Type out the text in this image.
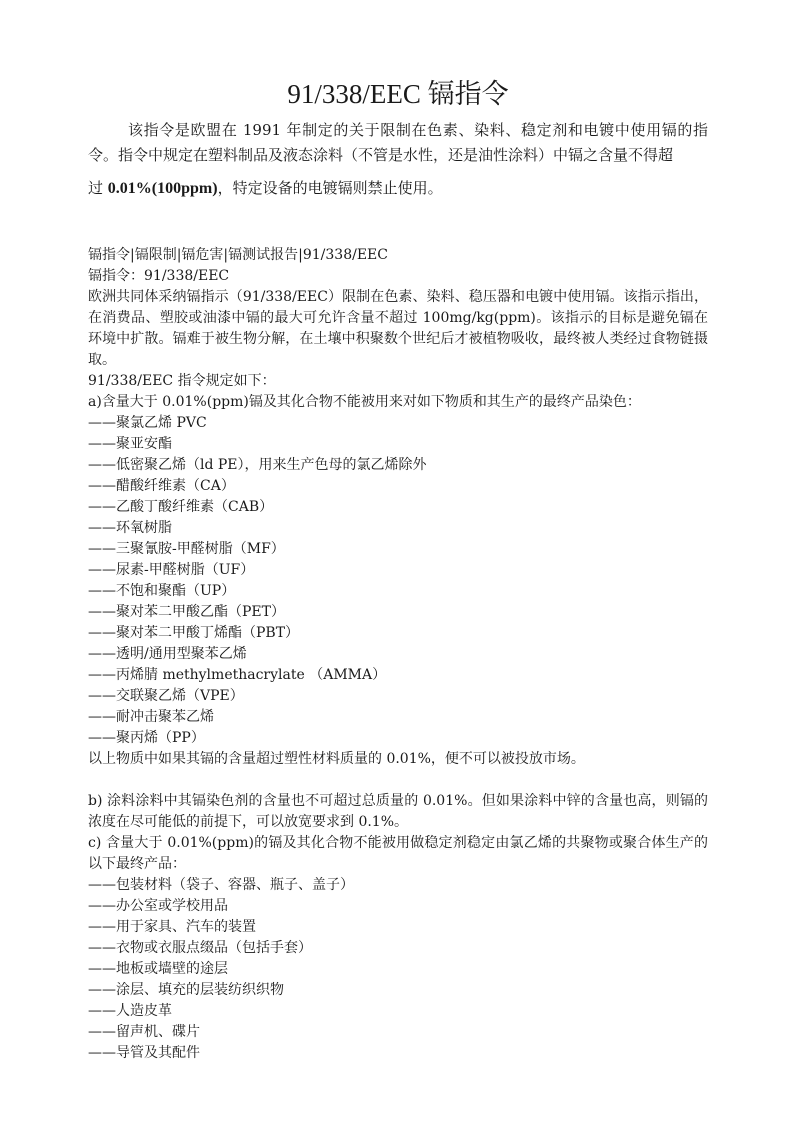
91/338/EEC 镉指令

该指令是欧盟在 1991 年制定的关于限制在色素、染料、稳定剂和电镀中使用镉的指令。指令中规定在塑料制品及液态涂料（不管是水性，还是油性涂料）中镉之含量不得超

过 0.01%(100ppm)，特定设备的电镀镉则禁止使用。

镉指令|镉限制|镉危害|镉测试报告|91/338/EEC

镉指令：91/338/EEC

欧洲共同体采纳镉指示（91/338/EEC）限制在色素、染料、稳压器和电镀中使用镉。该指示指出，在消费品、塑胶或油漆中镉的最大可允许含量不超过 100mg/kg(ppm)。该指示的目标是避免镉在环境中扩散。镉难于被生物分解，在土壤中积聚数个世纪后才被植物吸收，最终被人类经过食物链摄取。

91/338/EEC 指令规定如下：

a)含量大于 0.01%(ppm)镉及其化合物不能被用来对如下物质和其生产的最终产品染色：

——聚氯乙烯 PVC
——聚亚安酯
——低密聚乙烯（ld PE），用来生产色母的氯乙烯除外
——醋酸纤维素（CA）
——乙酸丁酸纤维素（CAB）
——环氧树脂
——三聚氰胺-甲醛树脂（MF）
——尿素-甲醛树脂（UF）
——不饱和聚酯（UP）
——聚对苯二甲酸乙酯（PET）
——聚对苯二甲酸丁烯酯（PBT）
——透明/通用型聚苯乙烯
——丙烯腈 methylmethacrylate （AMMA）
——交联聚乙烯（VPE）
——耐冲击聚苯乙烯
——聚丙烯（PP）

以上物质中如果其镉的含量超过塑性材料质量的 0.01%，便不可以被投放市场。

b) 涂料涂料中其镉染色剂的含量也不可超过总质量的 0.01%。但如果涂料中锌的含量也高，则镉的浓度在尽可能低的前提下，可以放宽要求到 0.1%。

c) 含量大于 0.01%(ppm)的镉及其化合物不能被用做稳定剂稳定由氯乙烯的共聚物或聚合体生产的以下最终产品：

——包装材料（袋子、容器、瓶子、盖子）
——办公室或学校用品
——用于家具、汽车的装置
——衣物或衣服点缀品（包括手套）
——地板或墙壁的途层
——涂层、填充的层装纺织织物
——人造皮革
——留声机、碟片
——导管及其配件
